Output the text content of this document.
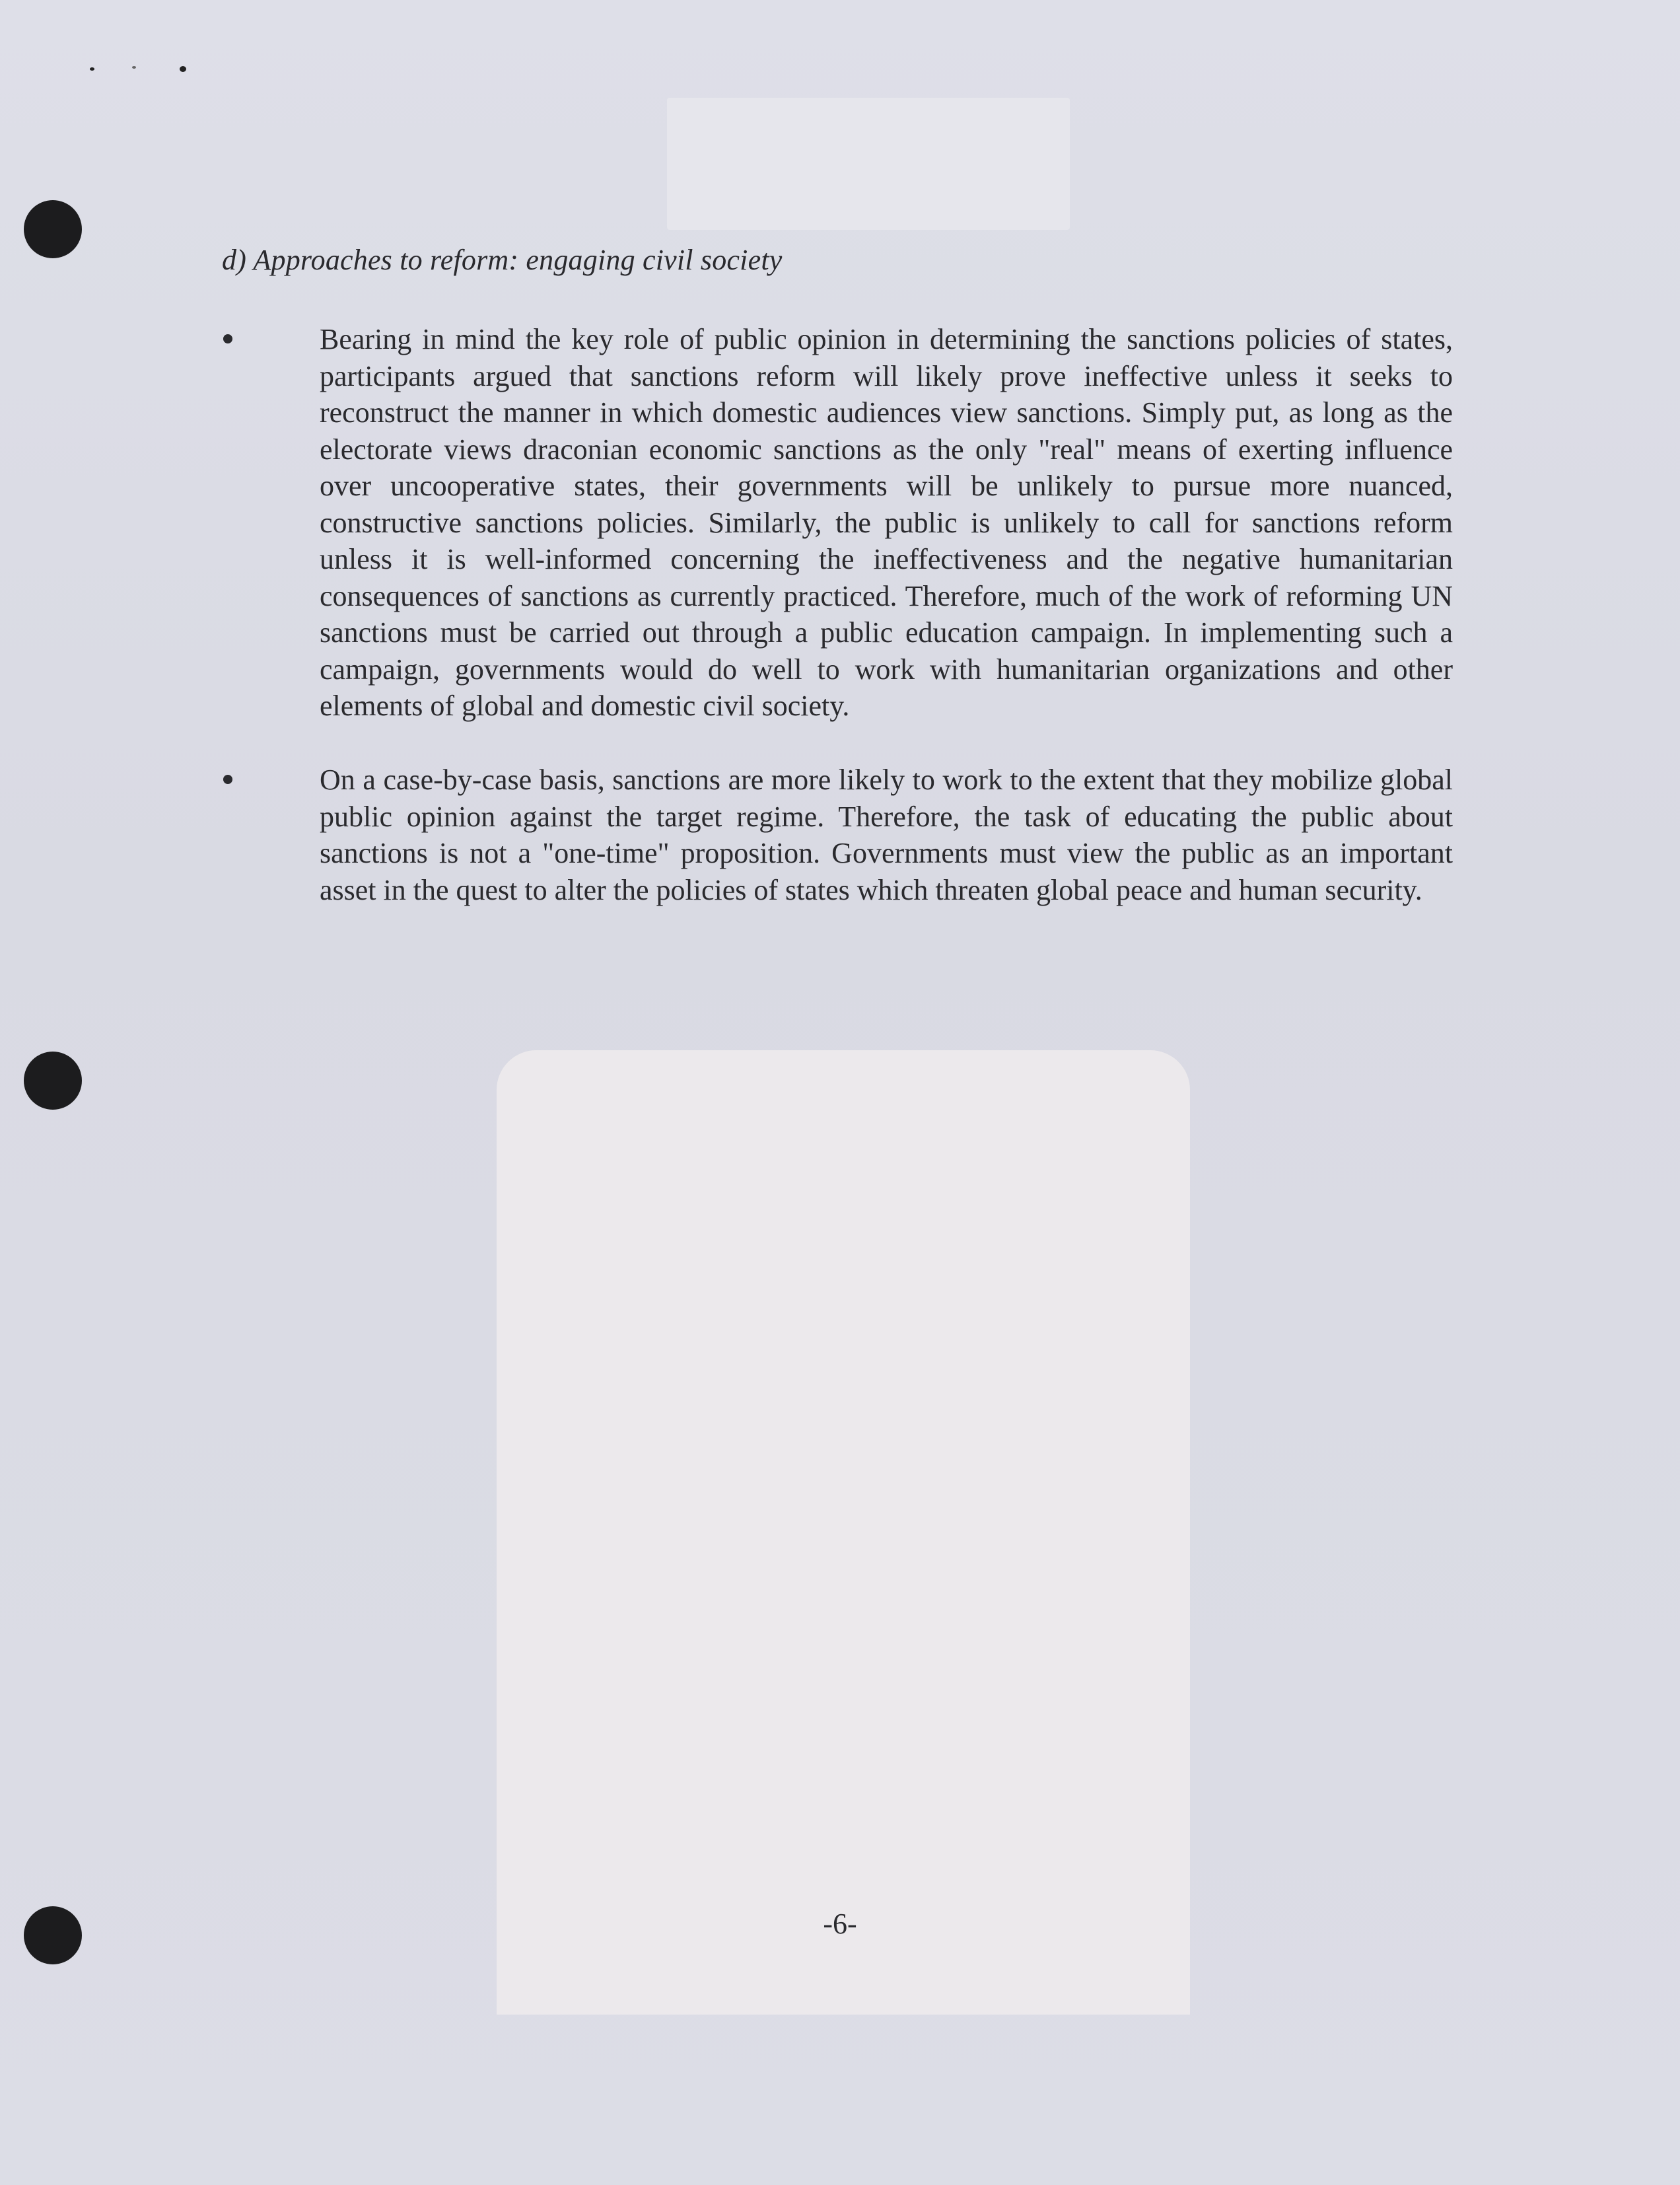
d) Approaches to reform: engaging civil society

Bearing in mind the key role of public opinion in determining the sanctions policies of states, participants argued that sanctions reform will likely prove ineffective unless it seeks to reconstruct the manner in which domestic audiences view sanctions. Simply put, as long as the electorate views draconian economic sanctions as the only "real" means of exerting influence over uncooperative states, their governments will be unlikely to pursue more nuanced, constructive sanctions policies. Similarly, the public is unlikely to call for sanctions reform unless it is well-informed concerning the ineffectiveness and the negative humanitarian consequences of sanctions as currently practiced. Therefore, much of the work of reforming UN sanctions must be carried out through a public education campaign. In implementing such a campaign, governments would do well to work with humanitarian organizations and other elements of global and domestic civil society.

On a case-by-case basis, sanctions are more likely to work to the extent that they mobilize global public opinion against the target regime. Therefore, the task of educating the public about sanctions is not a "one-time" proposition. Governments must view the public as an important asset in the quest to alter the policies of states which threaten global peace and human security.

-6-
